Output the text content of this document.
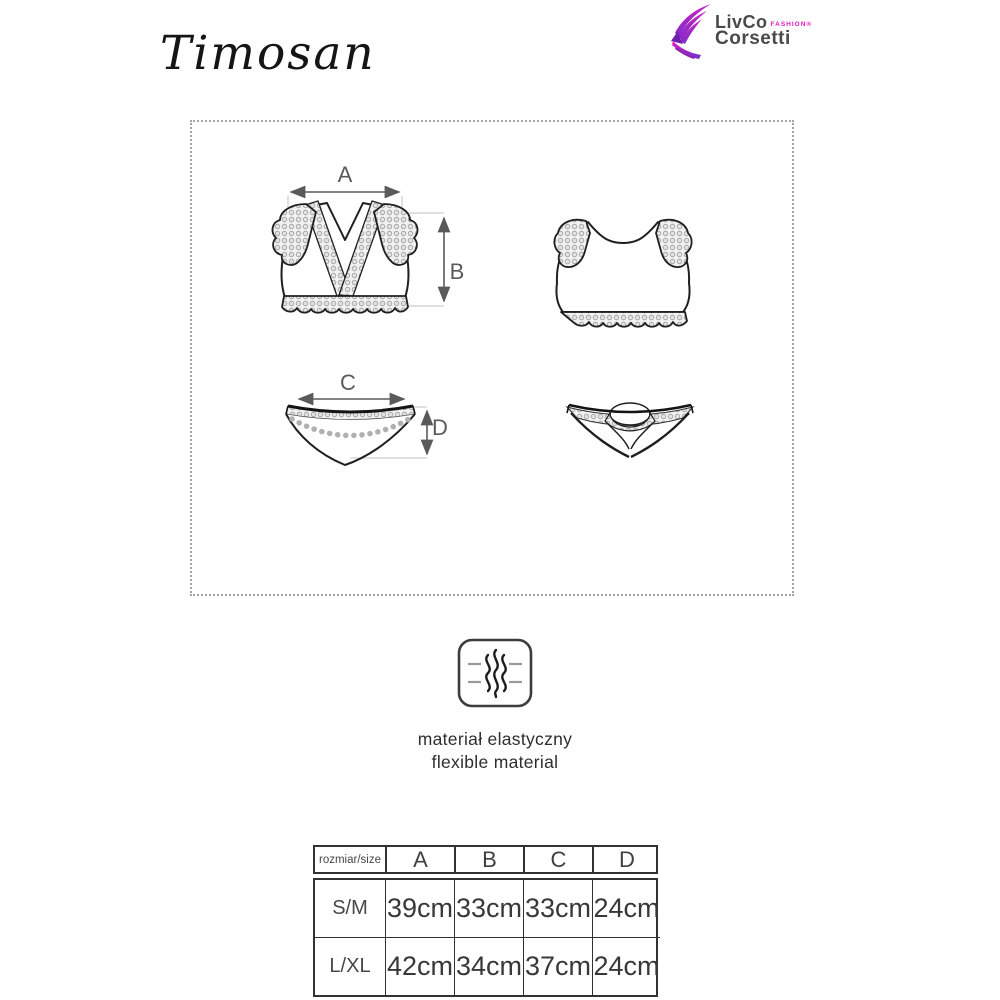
Timosan
LivCo FASHION®
Corsetti
A
B
C
D
materiał elastyczny
flexible material
rozmiar/size	A	B	C	D
S/M 39cm 33cm 33cm 24cm
L/XL 42cm 34cm 37cm 24cm
